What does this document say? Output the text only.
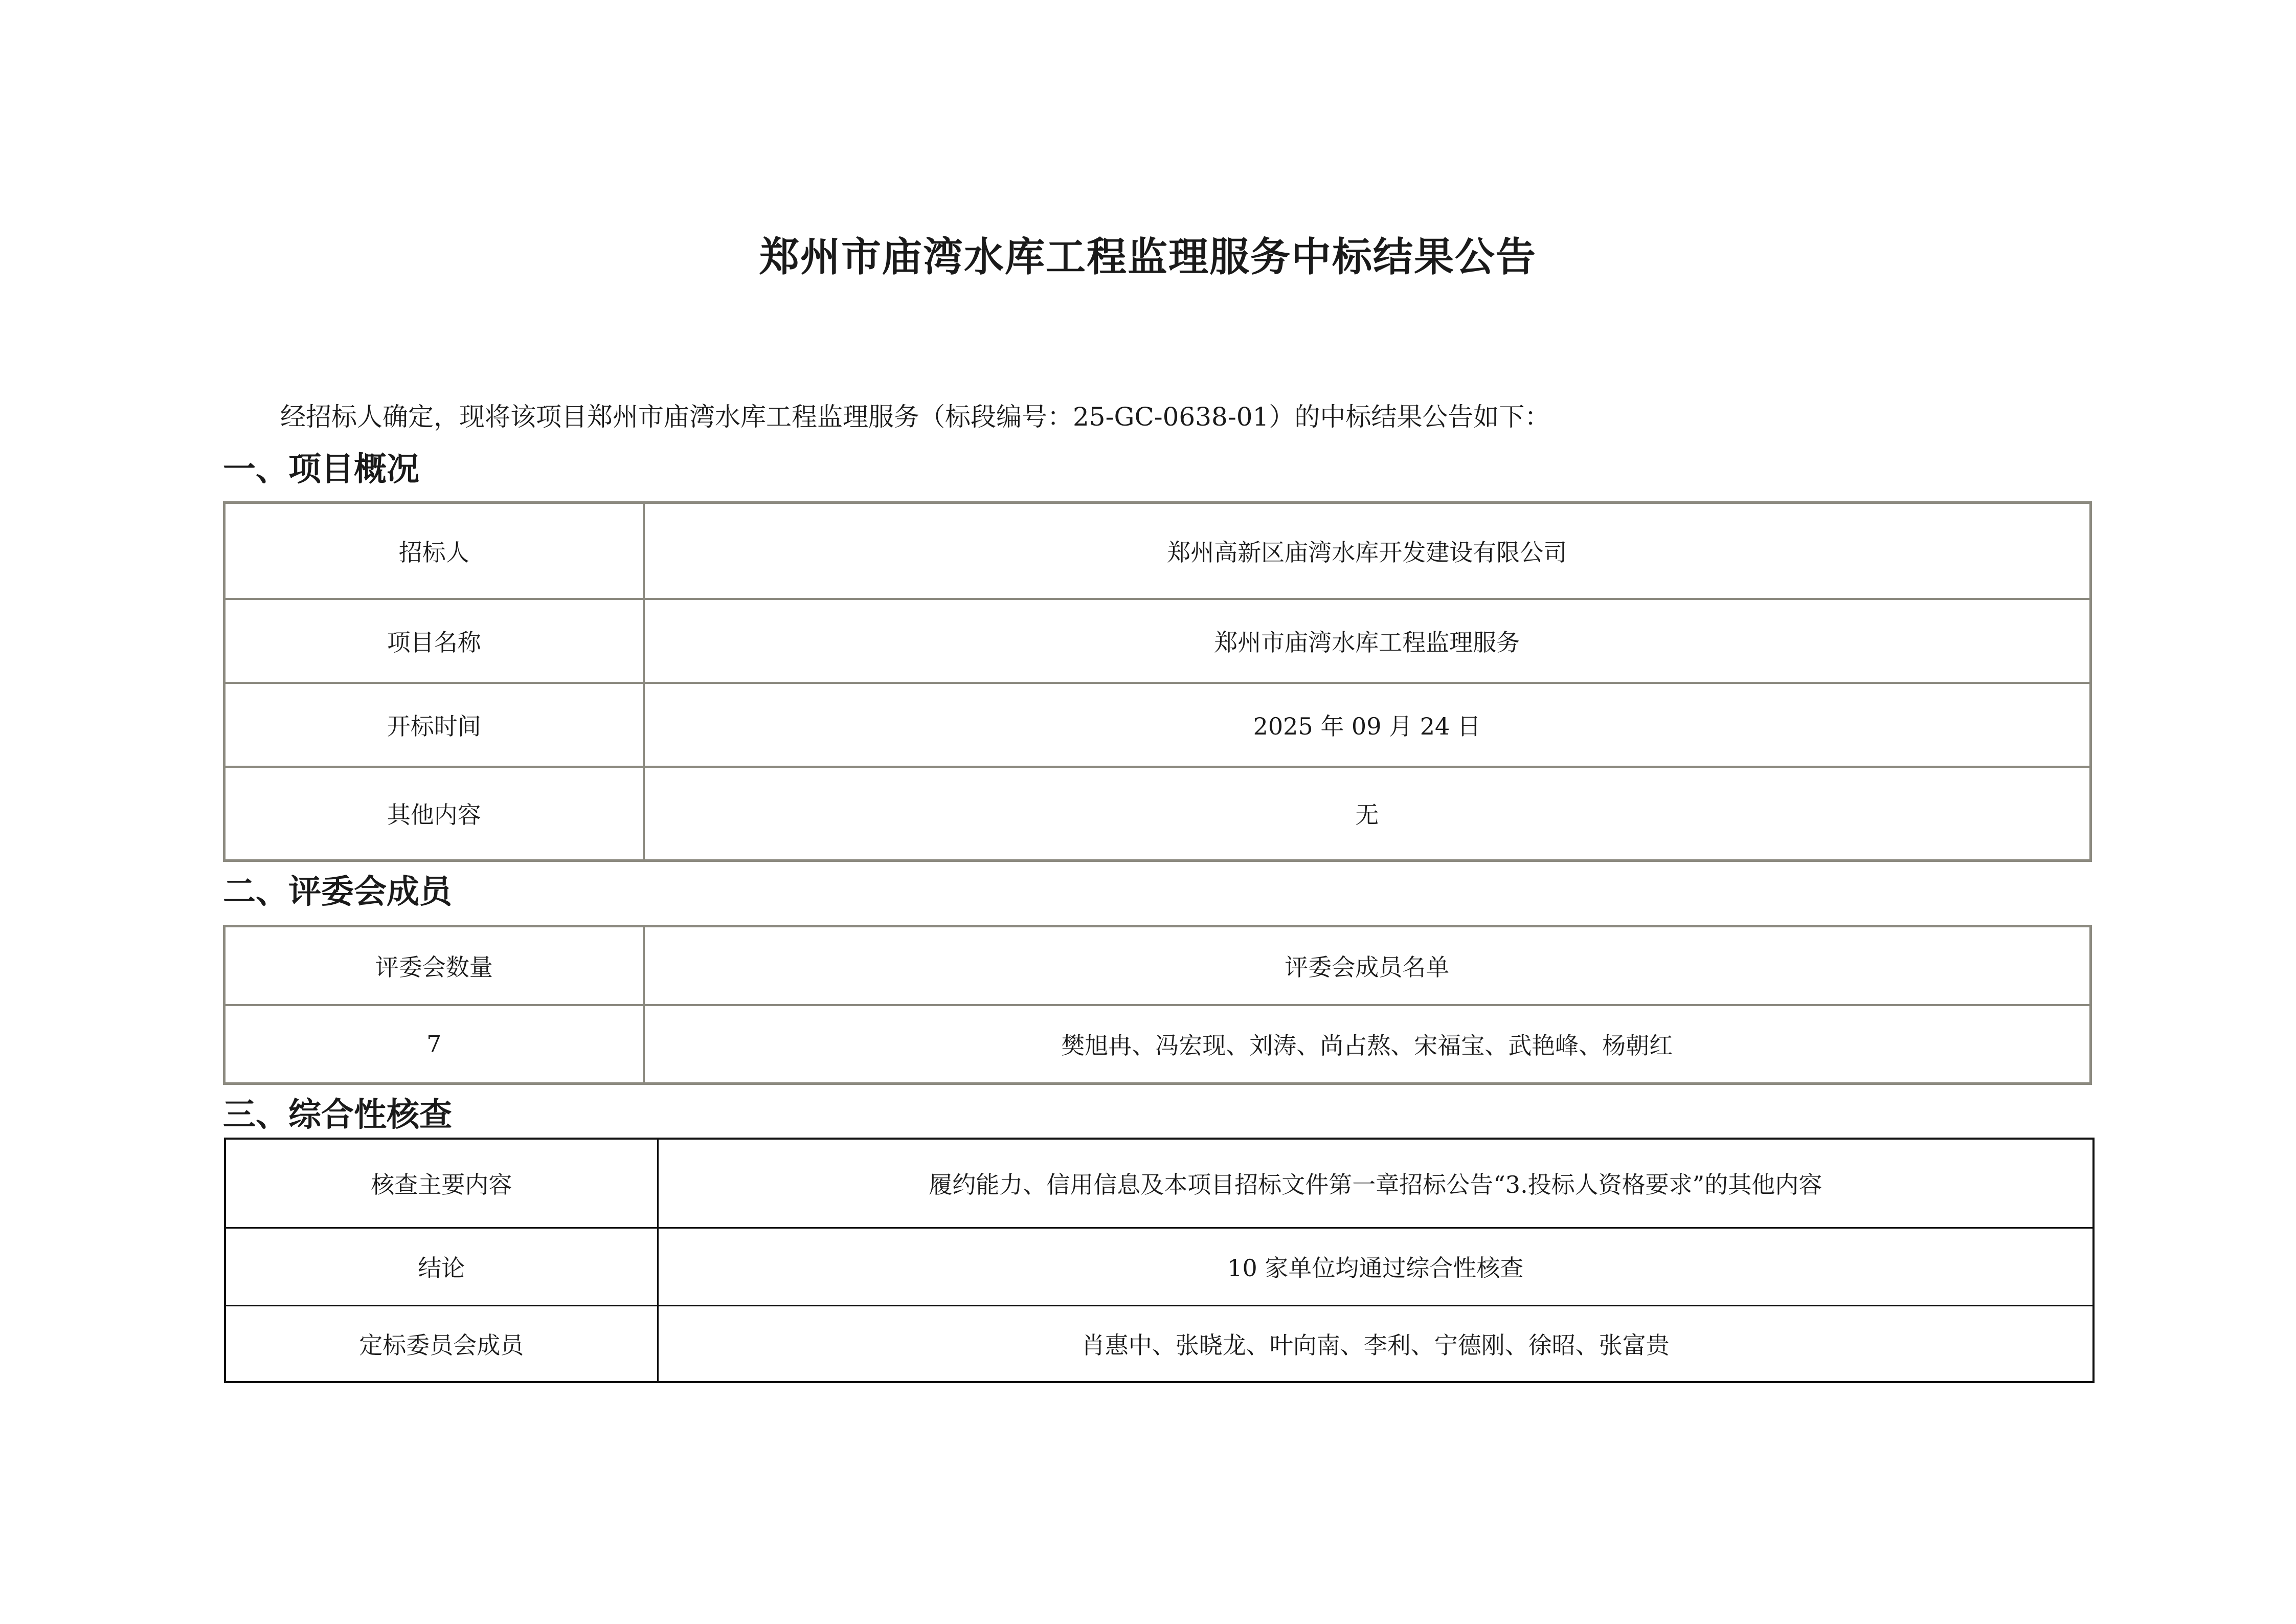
郑州市庙湾水库工程监理服务中标结果公告
经招标人确定，现将该项目郑州市庙湾水库工程监理服务（标段编号：25-GC-0638-01）的中标结果公告如下：
一、项目概况
招标人	郑州高新区庙湾水库开发建设有限公司
项目名称	郑州市庙湾水库工程监理服务
开标时间	2025 年 09 月 24 日
其他内容	无
二、评委会成员
评委会数量	评委会成员名单
7	樊旭冉、冯宏现、刘涛、尚占熬、宋福宝、武艳峰、杨朝红
三、综合性核查
核查主要内容	履约能力、信用信息及本项目招标文件第一章招标公告“3.投标人资格要求”的其他内容
结论	10 家单位均通过综合性核查
定标委员会成员	肖惠中、张晓龙、叶向南、李利、宁德刚、徐昭、张富贵
